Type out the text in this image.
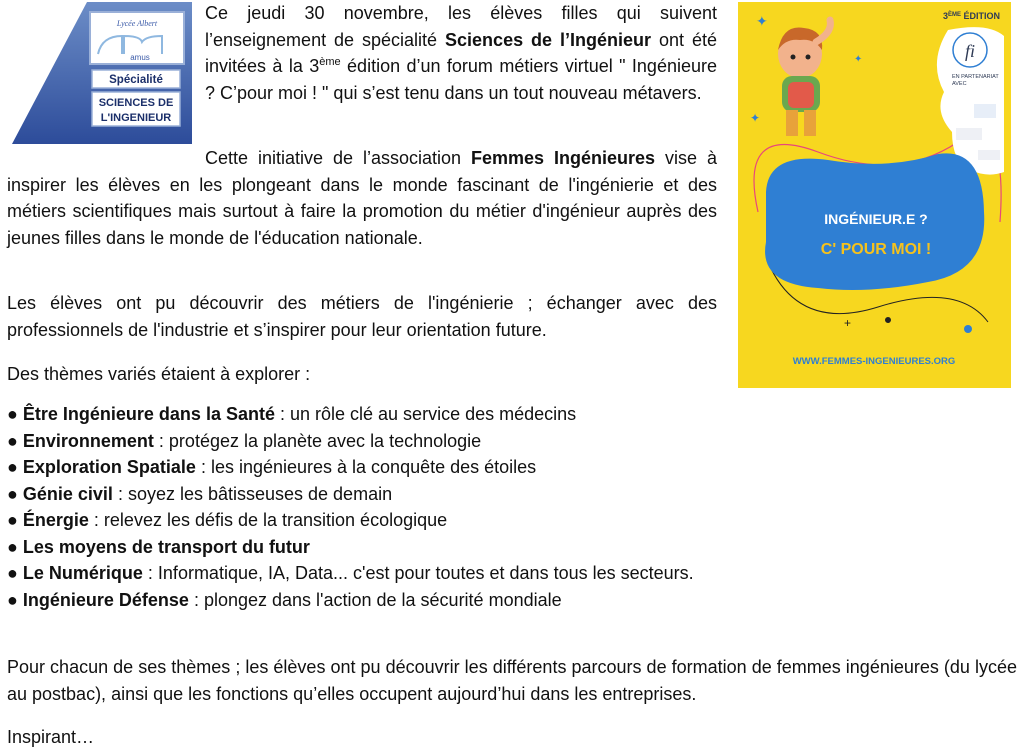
Lycée Albert
amus
Spécialité
SCIENCES DE
L'INGENIEUR

Ce jeudi 30 novembre, les élèves filles qui suivent l’enseignement de spécialité Sciences de l’Ingénieur ont été invitées à la 3ème édition d’un forum métiers virtuel " Ingénieure ? C’pour moi ! " qui s’est tenu dans un tout nouveau métavers.

Cette initiative de l’association Femmes Ingénieures vise à inspirer les élèves en les plongeant dans le monde fascinant de l'ingénierie et des métiers scientifiques mais surtout à faire la promotion du métier d'ingénieur auprès des jeunes filles dans le monde de l'éducation nationale.

Les élèves ont pu découvrir des métiers de l'ingénierie ; échanger avec des professionnels de l'industrie et s’inspirer pour leur orientation future.

Des thèmes variés étaient à explorer :

● Être Ingénieure dans la Santé : un rôle clé au service des médecins
● Environnement : protégez la planète avec la technologie
● Exploration Spatiale : les ingénieures à la conquête des étoiles
● Génie civil : soyez les bâtisseuses de demain
● Énergie : relevez les défis de la transition écologique
● Les moyens de transport du futur
● Le Numérique : Informatique, IA, Data... c'est pour toutes et dans tous les secteurs.
● Ingénieure Défense : plongez dans l'action de la sécurité mondiale

Pour chacun de ses thèmes ; les élèves ont pu découvrir les différents parcours de formation de femmes ingénieures (du lycée au postbac), ainsi que les fonctions qu’elles occupent aujourd’hui dans les entreprises.

Inspirant…

✦
✦
✦
+
3ÈME ÉDITION
fi
EN PARTENARIAT
AVEC
INGÉNIEUR.E ?
C' POUR MOI !
WWW.FEMMES-INGENIEURES.ORG
